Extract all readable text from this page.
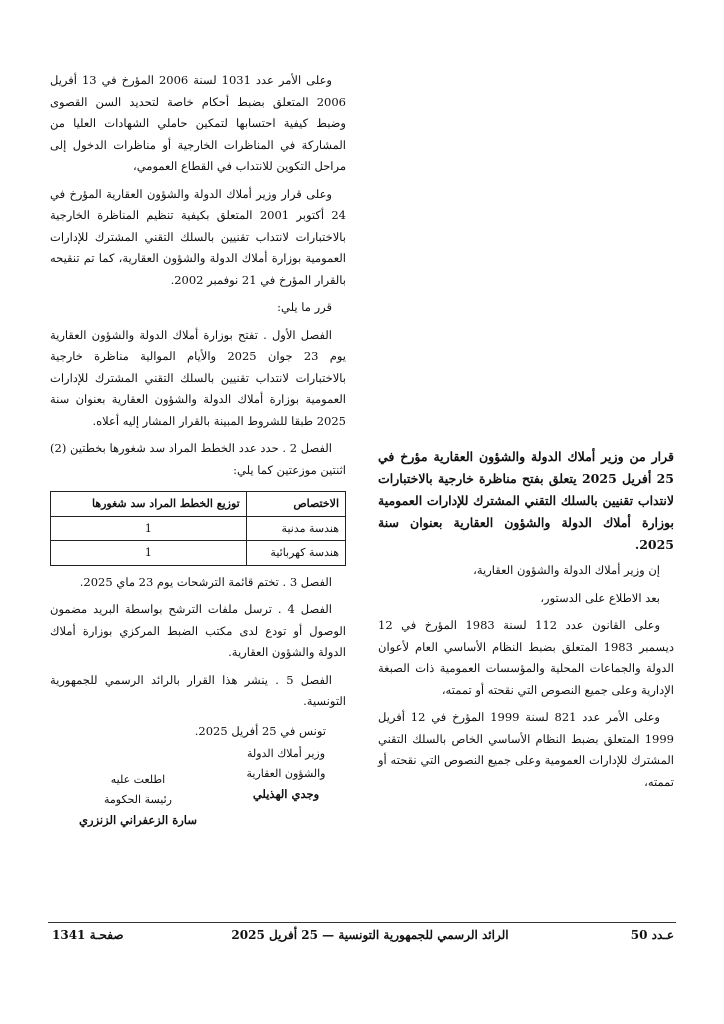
وعلى الأمر عدد 1031 لسنة 2006 المؤرخ في 13 أفريل 2006 المتعلق بضبط أحكام خاصة لتحديد السن القصوى وضبط كيفية احتسابها لتمكين حاملي الشهادات العليا من المشاركة في المناظرات الخارجية أو مناظرات الدخول إلى مراحل التكوين للانتداب في القطاع العمومي،

وعلى قرار وزير أملاك الدولة والشؤون العقارية المؤرخ في 24 أكتوبر 2001 المتعلق بكيفية تنظيم المناظرة الخارجية بالاختبارات لانتداب تقنيين بالسلك التقني المشترك للإدارات العمومية بوزارة أملاك الدولة والشؤون العقارية، كما تم تنقيحه بالقرار المؤرخ في 21 نوفمبر 2002.

قرر ما يلي:

الفصل الأول . تفتح بوزارة أملاك الدولة والشؤون العقارية يوم 23 جوان 2025 والأيام الموالية مناظرة خارجية بالاختبارات لانتداب تقنيين بالسلك التقني المشترك للإدارات العمومية بوزارة أملاك الدولة والشؤون العقارية بعنوان سنة 2025 طبقا للشروط المبينة بالقرار المشار إليه أعلاه.

الفصل 2 . حدد عدد الخطط المراد سد شغورها بخطتين (2) اثنتين موزعتين كما يلي:

الاختصاص	توزيع الخطط المراد سد شغورها
هندسة مدنية	1
هندسة كهربائية	1

الفصل 3 . تختم قائمة الترشحات يوم 23 ماي 2025.

الفصل 4 . ترسل ملفات الترشح بواسطة البريد مضمون الوصول أو تودع لدى مكتب الضبط المركزي بوزارة أملاك الدولة والشؤون العقارية.

الفصل 5 . ينشر هذا القرار بالرائد الرسمي للجمهورية التونسية.

تونس في 25 أفريل 2025.
وزير أملاك الدولة والشؤون العقارية
وجدي الهذيلي
اطلعت عليه
رئيسة الحكومة
سارة الزعفراني الزنزري

قرار من وزير أملاك الدولة والشؤون العقارية مؤرخ في 25 أفريل 2025 يتعلق بفتح مناظرة خارجية بالاختبارات لانتداب تقنيين بالسلك التقني المشترك للإدارات العمومية بوزارة أملاك الدولة والشؤون العقارية بعنوان سنة 2025.

إن وزير أملاك الدولة والشؤون العقارية،

بعد الاطلاع على الدستور،

وعلى القانون عدد 112 لسنة 1983 المؤرخ في 12 ديسمبر 1983 المتعلق بضبط النظام الأساسي العام لأعوان الدولة والجماعات المحلية والمؤسسات العمومية ذات الصبغة الإدارية وعلى جميع النصوص التي نقحته أو تممته،

وعلى الأمر عدد 821 لسنة 1999 المؤرخ في 12 أفريل 1999 المتعلق بضبط النظام الأساسي الخاص بالسلك التقني المشترك للإدارات العمومية وعلى جميع النصوص التي نقحته أو تممته،

عـدد 50
الرائد الرسمي للجمهورية التونسية — 25 أفريل 2025
صفحـة 1341
